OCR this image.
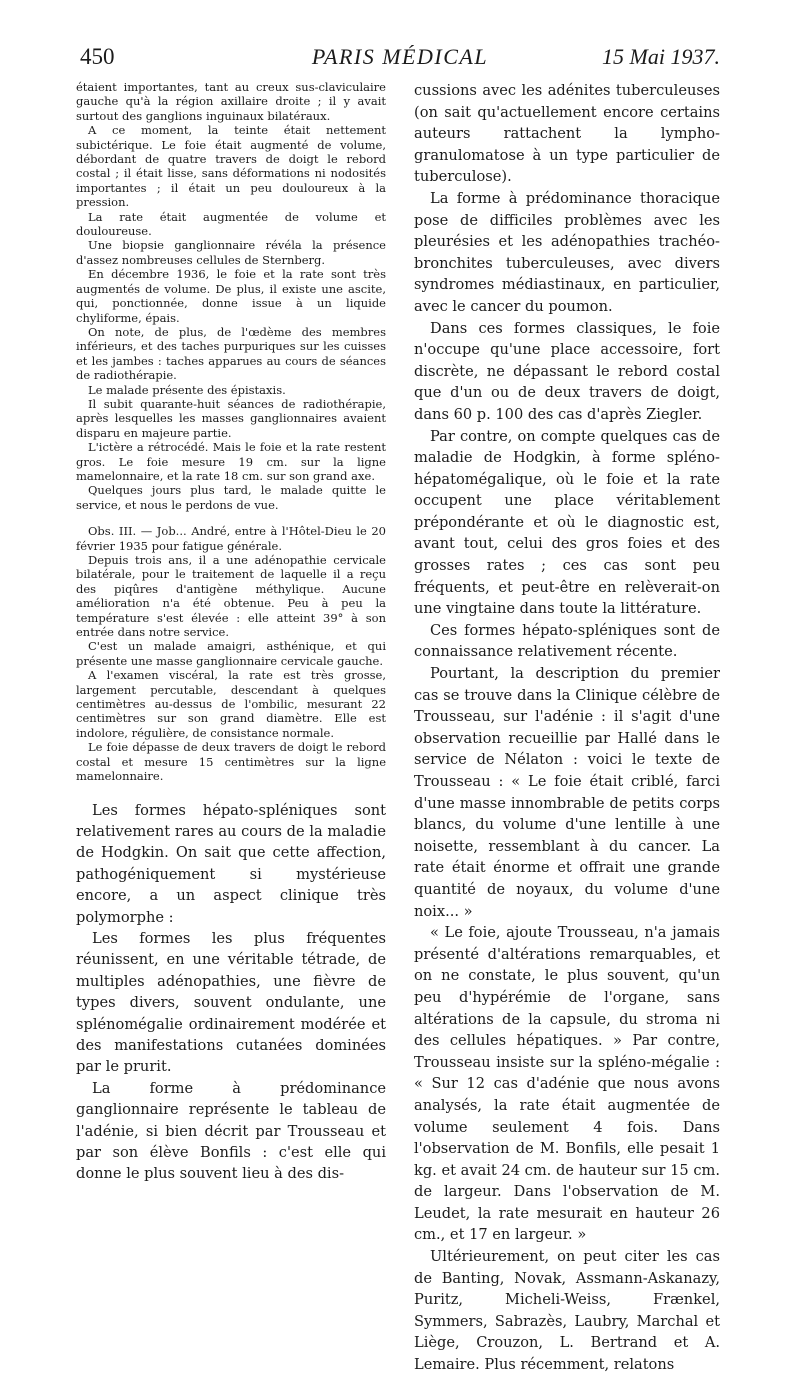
PARIS MÉDICAL
450	15 Mai 1937.

étaient importantes, tant au creux sus-claviculaire gauche qu'à la région axillaire droite ; il y avait surtout des ganglions inguinaux bilatéraux.

A ce moment, la teinte était nettement subictérique. Le foie était augmenté de volume, débordant de quatre travers de doigt le rebord costal ; il était lisse, sans déformations ni nodosités importantes ; il était un peu douloureux à la pression.

La rate était augmentée de volume et douloureuse.

Une biopsie ganglionnaire révéla la présence d'assez nombreuses cellules de Sternberg.

En décembre 1936, le foie et la rate sont très augmentés de volume. De plus, il existe une ascite, qui, ponctionnée, donne issue à un liquide chyliforme, épais.

On note, de plus, de l'œdème des membres inférieurs, et des taches purpuriques sur les cuisses et les jambes : taches apparues au cours de séances de radiothérapie.

Le malade présente des épistaxis.

Il subit quarante-huit séances de radiothérapie, après lesquelles les masses ganglionnaires avaient disparu en majeure partie.

L'ictère a rétrocédé. Mais le foie et la rate restent gros. Le foie mesure 19 cm. sur la ligne mamelonnaire, et la rate 18 cm. sur son grand axe.

Quelques jours plus tard, le malade quitte le service, et nous le perdons de vue.

Obs. III. — Job... André, entre à l'Hôtel-Dieu le 20 février 1935 pour fatigue générale.

Depuis trois ans, il a une adénopathie cervicale bilatérale, pour le traitement de laquelle il a reçu des piqûres d'antigène méthylique. Aucune amélioration n'a été obtenue. Peu à peu la température s'est élevée : elle atteint 39° à son entrée dans notre service.

C'est un malade amaigri, asthénique, et qui présente une masse ganglionnaire cervicale gauche.

A l'examen viscéral, la rate est très grosse, largement percutable, descendant à quelques centimètres au-dessus de l'ombilic, mesurant 22 centimètres sur son grand diamètre. Elle est indolore, régulière, de consistance normale.

Le foie dépasse de deux travers de doigt le rebord costal et mesure 15 centimètres sur la ligne mamelonnaire.

Les formes hépato-spléniques sont relativement rares au cours de la maladie de Hodgkin. On sait que cette affection, pathogéniquement si mystérieuse encore, a un aspect clinique très polymorphe :

Les formes les plus fréquentes réunissent, en une véritable tétrade, de multiples adénopathies, une fièvre de types divers, souvent ondulante, une splénomégalie ordinairement modérée et des manifestations cutanées dominées par le prurit.

La forme à prédominance ganglionnaire représente le tableau de l'adénie, si bien décrit par Trousseau et par son élève Bonfils : c'est elle qui donne le plus souvent lieu à des dis-

cussions avec les adénites tuberculeuses (on sait qu'actuellement encore certains auteurs rattachent la lympho-granulomatose à un type particulier de tuberculose).

La forme à prédominance thoracique pose de difficiles problèmes avec les pleurésies et les adénopathies trachéo-bronchites tuberculeuses, avec divers syndromes médiastinaux, en particulier, avec le cancer du poumon.

Dans ces formes classiques, le foie n'occupe qu'une place accessoire, fort discrète, ne dépassant le rebord costal que d'un ou de deux travers de doigt, dans 60 p. 100 des cas d'après Ziegler.

Par contre, on compte quelques cas de maladie de Hodgkin, à forme spléno-hépatomégalique, où le foie et la rate occupent une place véritablement prépondérante et où le diagnostic est, avant tout, celui des gros foies et des grosses rates ; ces cas sont peu fréquents, et peut-être en relèverait-on une vingtaine dans toute la littérature.

Ces formes hépato-spléniques sont de connaissance relativement récente.

Pourtant, la description du premier cas se trouve dans la Clinique célèbre de Trousseau, sur l'adénie : il s'agit d'une observation recueillie par Hallé dans le service de Nélaton : voici le texte de Trousseau : « Le foie était criblé, farci d'une masse innombrable de petits corps blancs, du volume d'une lentille à une noisette, ressemblant à du cancer. La rate était énorme et offrait une grande quantité de noyaux, du volume d'une noix... »

« Le foie, ajoute Trousseau, n'a jamais présenté d'altérations remarquables, et on ne constate, le plus souvent, qu'un peu d'hypérémie de l'organe, sans altérations de la capsule, du stroma ni des cellules hépatiques. » Par contre, Trousseau insiste sur la spléno-mégalie : « Sur 12 cas d'adénie que nous avons analysés, la rate était augmentée de volume seulement 4 fois. Dans l'observation de M. Bonfils, elle pesait 1 kg. et avait 24 cm. de hauteur sur 15 cm. de largeur. Dans l'observation de M. Leudet, la rate mesurait en hauteur 26 cm., et 17 en largeur. »

Ultérieurement, on peut citer les cas de Banting, Novak, Assmann-Askanazy, Puritz, Micheli-Weiss, Frænkel, Symmers, Sabrazès, Laubry, Marchal et Liège, Crouzon, L. Bertrand et A. Lemaire. Plus récemment, relatons
